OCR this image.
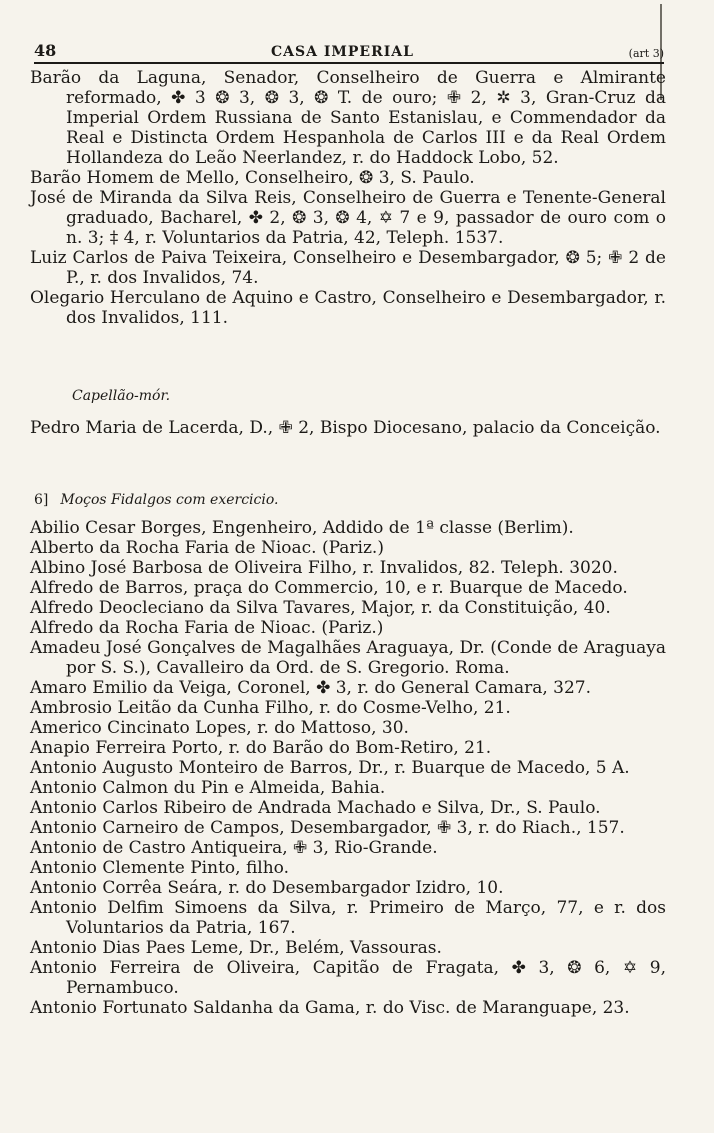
48	CASA IMPERIAL	(art 3)

Barão da Laguna, Senador, Conselheiro de Guerra e Almirante reformado, ✤ 3 ❂ 3, ❂ 3, ❂ T. de ouro; ✙ 2, ✲ 3, Gran-Cruz da Imperial Ordem Russiana de Santo Estanislau, e Commendador da Real e Distincta Ordem Hespanhola de Carlos III e da Real Ordem Hollandeza do Leão Neerlandez, r. do Haddock Lobo, 52.

Barão Homem de Mello, Conselheiro, ❂ 3, S. Paulo.

José de Miranda da Silva Reis, Conselheiro de Guerra e Tenente-General graduado, Bacharel, ✤ 2, ❂ 3, ❂ 4, ✡ 7 e 9, passador de ouro com o n. 3; ‡ 4, r. Voluntarios da Patria, 42, Teleph. 1537.

Luiz Carlos de Paiva Teixeira, Conselheiro e Desembargador, ❂ 5; ✙ 2 de P., r. dos Invalidos, 74.

Olegario Herculano de Aquino e Castro, Conselheiro e Desembargador, r. dos Invalidos, 111.

Capellão-mór.

Pedro Maria de Lacerda, D., ✙ 2, Bispo Diocesano, palacio da Conceição.

6] Moços Fidalgos com exercicio.

Abilio Cesar Borges, Engenheiro, Addido de 1ª classe (Berlim).

Alberto da Rocha Faria de Nioac. (Pariz.)

Albino José Barbosa de Oliveira Filho, r. Invalidos, 82. Teleph. 3020.

Alfredo de Barros, praça do Commercio, 10, e r. Buarque de Macedo.

Alfredo Deocleciano da Silva Tavares, Major, r. da Constituição, 40.

Alfredo da Rocha Faria de Nioac. (Pariz.)

Amadeu José Gonçalves de Magalhães Araguaya, Dr. (Conde de Araguaya por S. S.), Cavalleiro da Ord. de S. Gregorio. Roma.

Amaro Emilio da Veiga, Coronel, ✤ 3, r. do General Camara, 327.

Ambrosio Leitão da Cunha Filho, r. do Cosme-Velho, 21.

Americo Cincinato Lopes, r. do Mattoso, 30.

Anapio Ferreira Porto, r. do Barão do Bom-Retiro, 21.

Antonio Augusto Monteiro de Barros, Dr., r. Buarque de Macedo, 5 A.

Antonio Calmon du Pin e Almeida, Bahia.

Antonio Carlos Ribeiro de Andrada Machado e Silva, Dr., S. Paulo.

Antonio Carneiro de Campos, Desembargador, ✙ 3, r. do Riach., 157.

Antonio de Castro Antiqueira, ✙ 3, Rio-Grande.

Antonio Clemente Pinto, filho.

Antonio Corrêa Seára, r. do Desembargador Izidro, 10.

Antonio Delfim Simoens da Silva, r. Primeiro de Março, 77, e r. dos Voluntarios da Patria, 167.

Antonio Dias Paes Leme, Dr., Belém, Vassouras.

Antonio Ferreira de Oliveira, Capitão de Fragata, ✤ 3, ❂ 6, ✡ 9, Pernambuco.

Antonio Fortunato Saldanha da Gama, r. do Visc. de Maranguape, 23.
